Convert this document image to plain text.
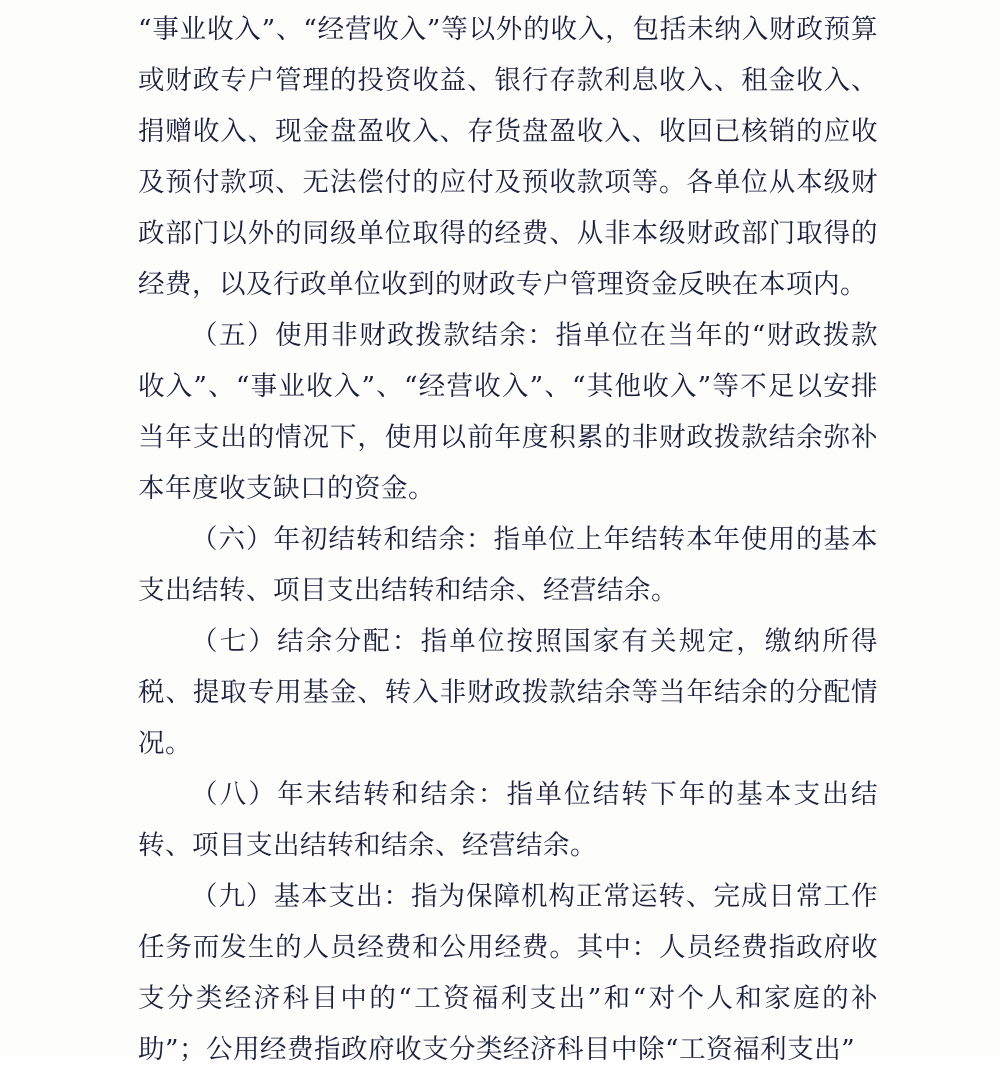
“事业收入”、“经营收入”等以外的收入，包括未纳入财政预算或财政专户管理的投资收益、银行存款利息收入、租金收入、捐赠收入、现金盘盈收入、存货盘盈收入、收回已核销的应收及预付款项、无法偿付的应付及预收款项等。各单位从本级财政部门以外的同级单位取得的经费、从非本级财政部门取得的经费，以及行政单位收到的财政专户管理资金反映在本项内。

（五）使用非财政拨款结余：指单位在当年的“财政拨款收入”、“事业收入”、“经营收入”、“其他收入”等不足以安排当年支出的情况下，使用以前年度积累的非财政拨款结余弥补本年度收支缺口的资金。

（六）年初结转和结余：指单位上年结转本年使用的基本支出结转、项目支出结转和结余、经营结余。

（七）结余分配：指单位按照国家有关规定，缴纳所得税、提取专用基金、转入非财政拨款结余等当年结余的分配情况。

（八）年末结转和结余：指单位结转下年的基本支出结转、项目支出结转和结余、经营结余。

（九）基本支出：指为保障机构正常运转、完成日常工作任务而发生的人员经费和公用经费。其中：人员经费指政府收支分类经济科目中的“工资福利支出”和“对个人和家庭的补助”；公用经费指政府收支分类经济科目中除“工资福利支出”
